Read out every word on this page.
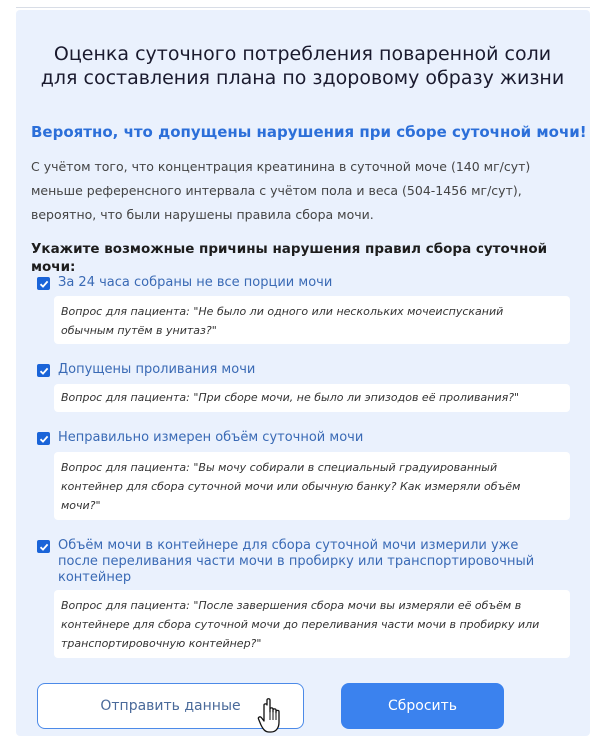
Оценка суточного потребления поваренной соли
для составления плана по здоровому образу жизни
Вероятно, что допущены нарушения при сборе суточной мочи!
С учётом того, что концентрация креатинина в суточной моче (140 мг/сут)
меньше референсного интервала с учётом пола и веса (504-1456 мг/сут),
вероятно, что были нарушены правила сбора мочи.
Укажите возможные причины нарушения правил сбора суточной мочи:
За 24 часа собраны не все порции мочи
Вопрос для пациента: "Не было ли одного или нескольких мочеиспусканий
обычным путём в унитаз?"
Допущены проливания мочи
Вопрос для пациента: "При сборе мочи, не было ли эпизодов её проливания?"
Неправильно измерен объём суточной мочи
Вопрос для пациента: "Вы мочу собирали в специальный градуированный
контейнер для сбора суточной мочи или обычную банку? Как измеряли объём
мочи?"
Объём мочи в контейнере для сбора суточной мочи измерили уже
после переливания части мочи в пробирку или транспортировочный
контейнер
Вопрос для пациента: "После завершения сбора мочи вы измеряли её объём в
контейнере для сбора суточной мочи до переливания части мочи в пробирку или
транспортировочную контейнер?"
Отправить данные	Сбросить
